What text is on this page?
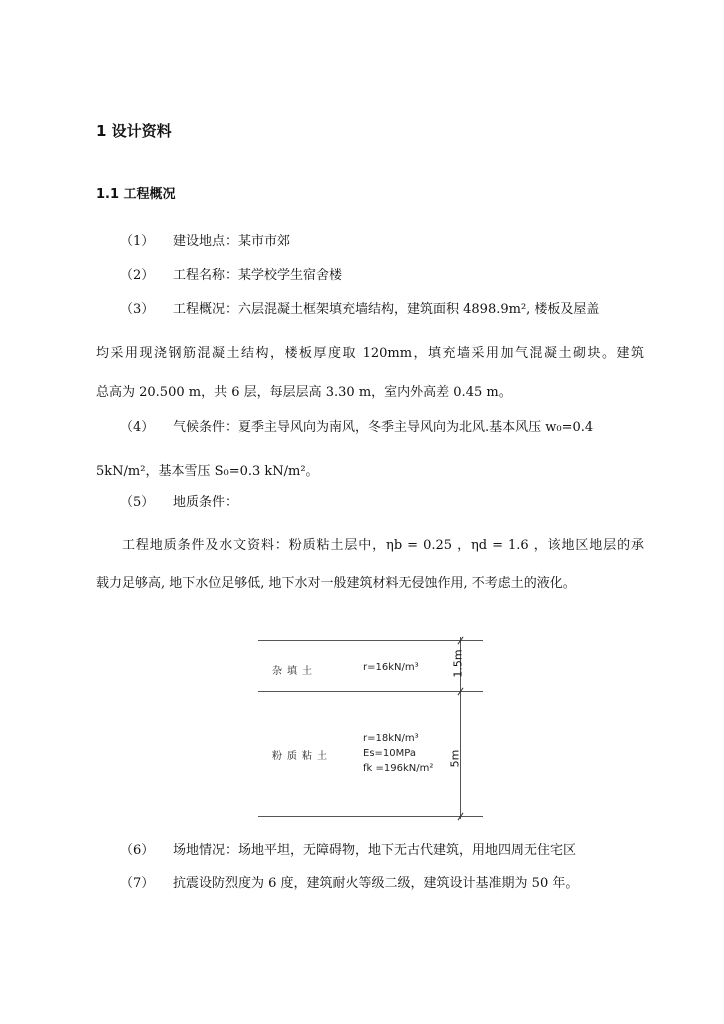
1 设计资料
1.1 工程概况
（1） 建设地点：某市市郊
（2） 工程名称：某学校学生宿舍楼
（3） 工程概况：六层混凝土框架填充墙结构，建筑面积 4898.9m², 楼板及屋盖
均采用现浇钢筋混凝土结构，楼板厚度取 120mm，填充墙采用加气混凝土砌块。建筑
总高为 20.500 m，共 6 层，每层层高 3.30 m，室内外高差 0.45 m。
（4） 气候条件：夏季主导风向为南风，冬季主导风向为北风.基本风压 w₀=0.4
5kN/m²，基本雪压 S₀=0.3 kN/m²。
（5） 地质条件：
工程地质条件及水文资料：粉质粘土层中，ηb = 0.25 ，ηd = 1.6 ，该地区地层的承
载力足够高, 地下水位足够低, 地下水对一般建筑材料无侵蚀作用, 不考虑土的液化。
杂填土	r=16kN/m³	1.5m
粉质粘土
r=18kN/m³
Es=10MPa
fk =196kN/m²
5m
（6） 场地情况：场地平坦，无障碍物，地下无古代建筑，用地四周无住宅区
（7） 抗震设防烈度为 6 度，建筑耐火等级二级，建筑设计基准期为 50 年。
